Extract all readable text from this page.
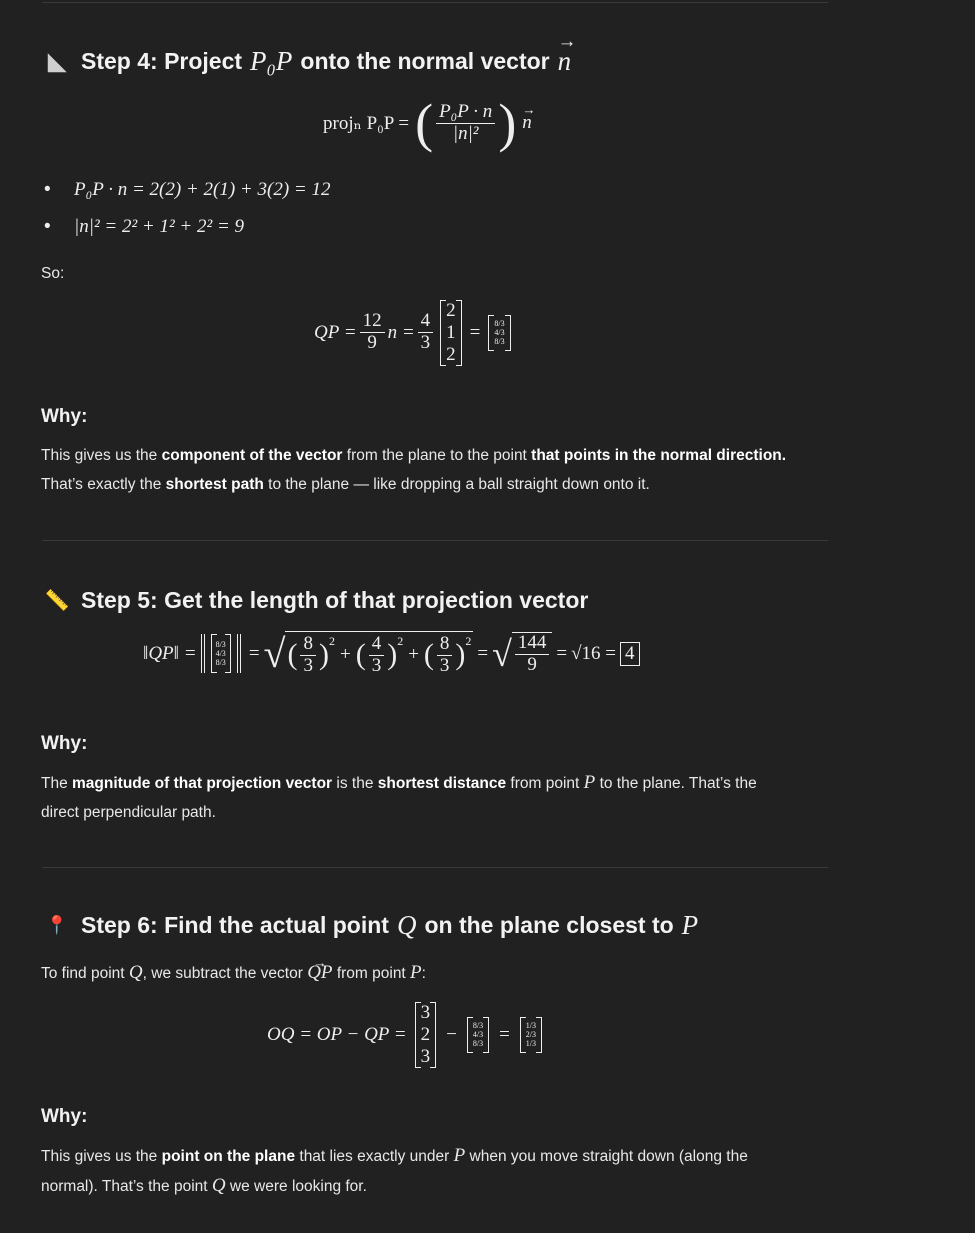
◣ Step 4: Project P₀P onto the normal vector n →
projₙ P₀P = ( $\frac{\text{P₀P · n}}{\text{|n|²}}$ ) n →
• P₀P · n = 2(2) + 2(1) + 3(2) = 12
• |n|² = 2² + 1² + 2² = 9
So:
QP = $\frac{12}{9}$ $n = \frac{4}{3}$
2
1
2
= 8/3
4/3
8/3
Why:
This gives us the component of the vector from the plane to the point that points in the normal direction.
That’s exactly the shortest path to the plane — like dropping a ball straight down onto it.
📏 Step 5: Get the length of that projection vector
‖QP‖ = 8/3
4/3
8/3 = √ ( $\frac{8}{3} )^2$
+ ( $\frac{4}{3} )^2$
+ ( $\frac{8}{3} )^2$
= √ $\frac{144}{9} = √16 = 4$
Why:
The magnitude of that projection vector is the shortest distance from point P to the plane. That’s the
direct perpendicular path.
📍 Step 6: Find the actual point Q on the plane closest to P
To find point Q, we subtract the vector QP → from point P:
OQ = OP − QP =
3
2
3
− 8/3
4/3
8/3 = 1/3
2/3
1/3
Why:
This gives us the point on the plane that lies exactly under P when you move straight down (along the
normal). That’s the point Q we were looking for.
